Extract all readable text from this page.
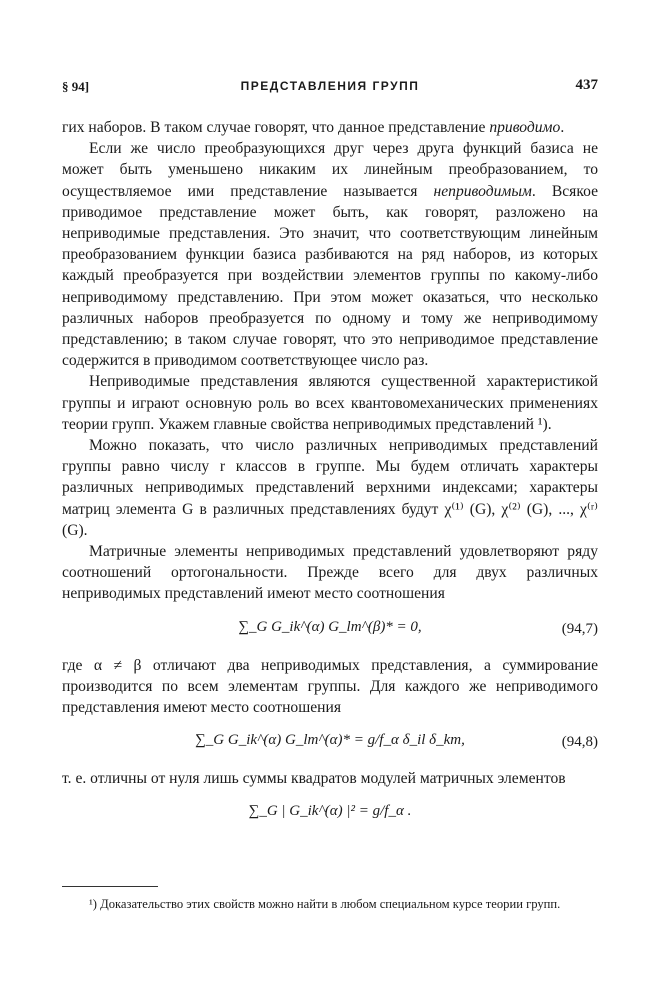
§ 94]	ПРЕДСТАВЛЕНИЯ ГРУПП	437

гих наборов. В таком случае говорят, что данное представление приводимо.

Если же число преобразующихся друг через друга функций базиса не может быть уменьшено никаким их линейным преобразованием, то осуществляемое ими представление называется неприводимым. Всякое приводимое представление может быть, как говорят, разложено на неприводимые представления. Это значит, что соответствующим линейным преобразованием функции базиса разбиваются на ряд наборов, из которых каждый преобразуется при воздействии элементов группы по какому-либо неприводимому представлению. При этом может оказаться, что несколько различных наборов преобразуется по одному и тому же неприводимому представлению; в таком случае говорят, что это неприводимое представление содержится в приводимом соответствующее число раз.

Неприводимые представления являются существенной характеристикой группы и играют основную роль во всех квантовомеханических применениях теории групп. Укажем главные свойства неприводимых представлений ¹).

Можно показать, что число различных неприводимых представлений группы равно числу r классов в группе. Мы будем отличать характеры различных неприводимых представлений верхними индексами; характеры матриц элемента G в различных представлениях будут χ⁽¹⁾ (G), χ⁽²⁾ (G), ..., χ⁽ʳ⁾ (G).

Матричные элементы неприводимых представлений удовлетворяют ряду соотношений ортогональности. Прежде всего для двух различных неприводимых представлений имеют место соотношения

∑_G G_ik^(α) G_lm^(β)* = 0,	(94,7)

где α ≠ β отличают два неприводимых представления, а суммирование производится по всем элементам группы. Для каждого же неприводимого представления имеют место соотношения

∑_G G_ik^(α) G_lm^(α)* = g/f_α δ_il δ_km,	(94,8)

т. е. отличны от нуля лишь суммы квадратов модулей матричных элементов

∑_G | G_ik^(α) |² = g/f_α .
¹) Доказательство этих свойств можно найти в любом специальном курсе теории групп.
